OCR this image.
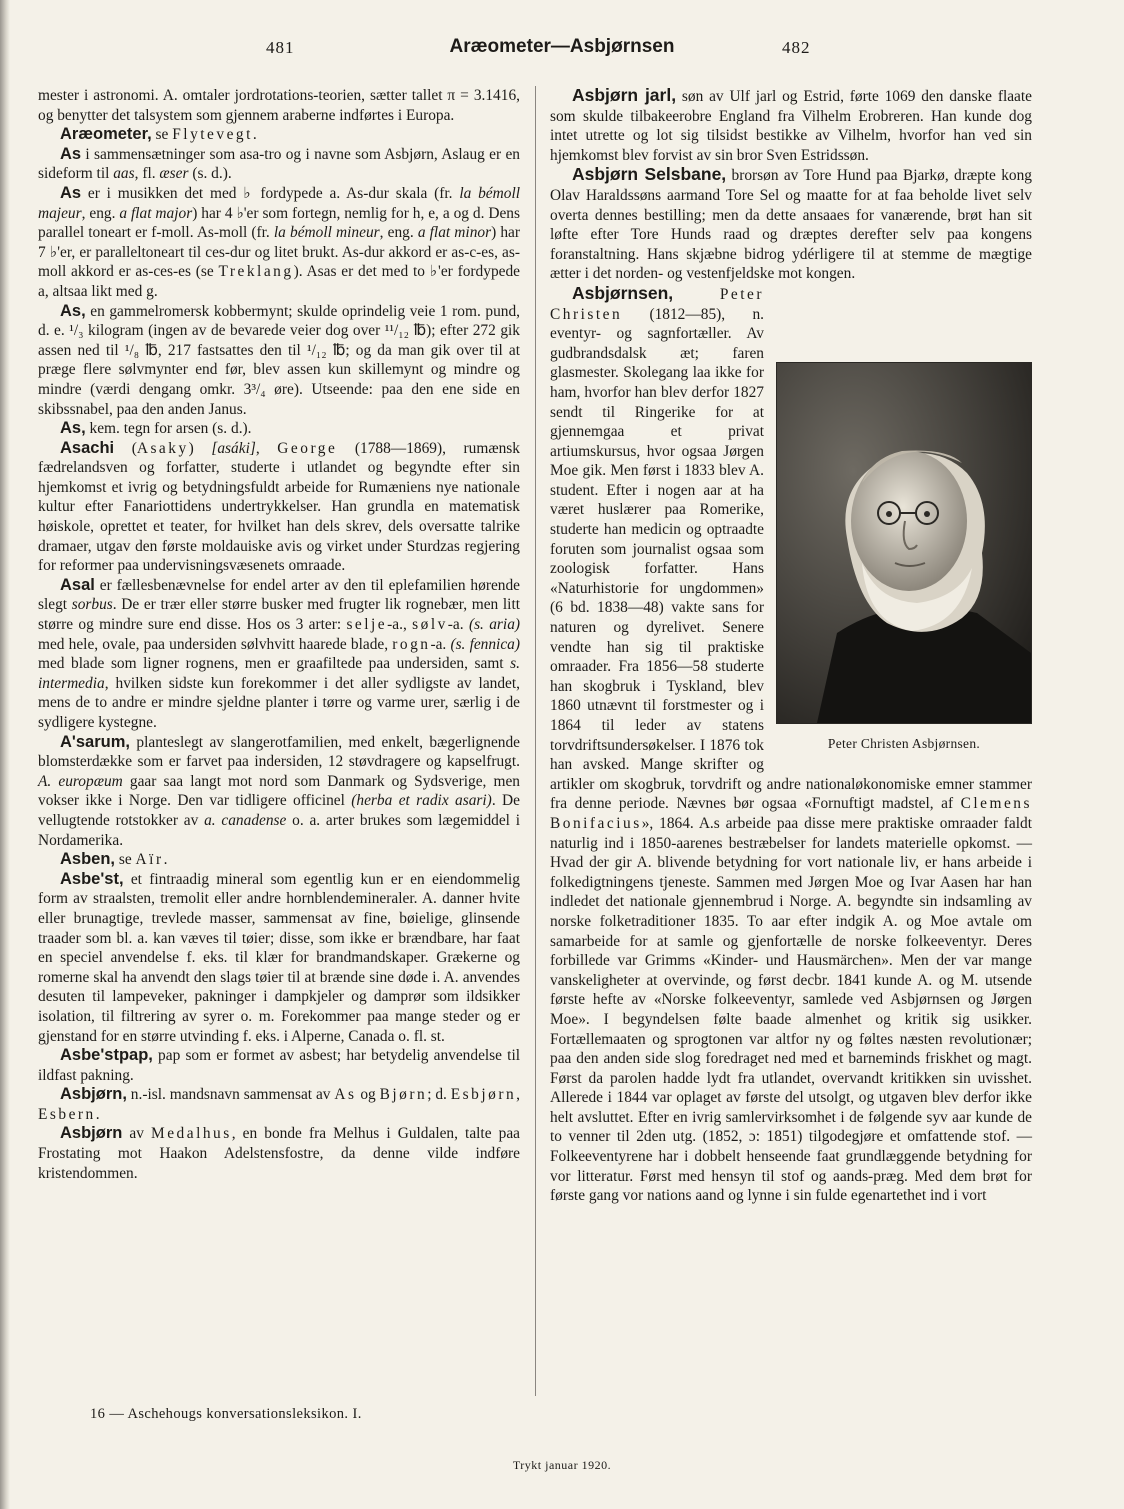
481	Aræometer—Asbjørnsen	482

mester i astronomi. A. omtaler jordrotations-teorien, sætter tallet π = 3.1416, og benytter det talsystem som gjennem araberne indførtes i Europa.

Aræometer, se Flytevegt.

As i sammensætninger som asa-tro og i navne som Asbjørn, Aslaug er en sideform til aas, fl. æser (s. d.).

As er i musikken det med ♭ fordypede a. As-dur skala (fr. la bémoll majeur, eng. a flat major) har 4 ♭'er som fortegn, nemlig for h, e, a og d. Dens parallel toneart er f-moll. As-moll (fr. la bémoll mineur, eng. a flat minor) har 7 ♭'er, er paralleltoneart til ces-dur og litet brukt. As-dur akkord er as-c-es, as-moll akkord er as-ces-es (se Treklang). Asas er det med to ♭'er fordypede a, altsaa likt med g.

As, en gammelromersk kobbermynt; skulde oprindelig veie 1 rom. pund, d. e. ¹/₃ kilogram (ingen av de bevarede veier dog over ¹¹/₁₂ ℔); efter 272 gik assen ned til ¹/₈ ℔, 217 fastsattes den til ¹/₁₂ ℔; og da man gik over til at præge flere sølvmynter end før, blev assen kun skillemynt og mindre og mindre (værdi dengang omkr. 3³/₄ øre). Utseende: paa den ene side en skibssnabel, paa den anden Janus.

As, kem. tegn for arsen (s. d.).

Asachi (Asaky) [asáki], George (1788—1869), rumænsk fædrelandsven og forfatter, studerte i utlandet og begyndte efter sin hjemkomst et ivrig og betydningsfuldt arbeide for Rumæniens nye nationale kultur efter Fanariottidens undertrykkelser. Han grundla en matematisk høiskole, oprettet et teater, for hvilket han dels skrev, dels oversatte talrike dramaer, utgav den første moldauiske avis og virket under Sturdzas regjering for reformer paa undervisningsvæsenets omraade.

Asal er fællesbenævnelse for endel arter av den til eplefamilien hørende slegt sorbus. De er trær eller større busker med frugter lik rognebær, men litt større og mindre sure end disse. Hos os 3 arter: selje-a., sølv-a. (s. aria) med hele, ovale, paa undersiden sølvhvitt haarede blade, rogn-a. (s. fennica) med blade som ligner rognens, men er graafiltede paa undersiden, samt s. intermedia, hvilken sidste kun forekommer i det aller sydligste av landet, mens de to andre er mindre sjeldne planter i tørre og varme urer, særlig i de sydligere kystegne.

A'sarum, planteslegt av slangerotfamilien, med enkelt, bægerlignende blomsterdække som er farvet paa indersiden, 12 støvdragere og kapselfrugt. A. europæum gaar saa langt mot nord som Danmark og Sydsverige, men vokser ikke i Norge. Den var tidligere officinel (herba et radix asari). De vellugtende rotstokker av a. canadense o. a. arter brukes som lægemiddel i Nordamerika.

Asben, se Aïr.

Asbe'st, et fintraadig mineral som egentlig kun er en eiendommelig form av straalsten, tremolit eller andre hornblendemineraler. A. danner hvite eller brunagtige, trevlede masser, sammensat av fine, bøielige, glinsende traader som bl. a. kan væves til tøier; disse, som ikke er brændbare, har faat en speciel anvendelse f. eks. til klær for brandmandskaper. Grækerne og romerne skal ha anvendt den slags tøier til at brænde sine døde i. A. anvendes desuten til lampeveker, pakninger i dampkjeler og damprør som ildsikker isolation, til filtrering av syrer o. m. Forekommer paa mange steder og er gjenstand for en større utvinding f. eks. i Alperne, Canada o. fl. st.

Asbe'stpap, pap som er formet av asbest; har betydelig anvendelse til ildfast pakning.

Asbjørn, n.-isl. mandsnavn sammensat av As og Bjørn; d. Esbjørn, Esbern.

Asbjørn av Medalhus, en bonde fra Melhus i Guldalen, talte paa Frostating mot Haakon Adelstensfostre, da denne vilde indføre kristendommen.

Asbjørn jarl, søn av Ulf jarl og Estrid, førte 1069 den danske flaate som skulde tilbakeerobre England fra Vilhelm Erobreren. Han kunde dog intet utrette og lot sig tilsidst bestikke av Vilhelm, hvorfor han ved sin hjemkomst blev forvist av sin bror Sven Estridssøn.

Asbjørn Selsbane, brorsøn av Tore Hund paa Bjarkø, dræpte kong Olav Haraldssøns aarmand Tore Sel og maatte for at faa beholde livet selv overta dennes bestilling; men da dette ansaaes for vanærende, brøt han sit løfte efter Tore Hunds raad og dræptes derefter selv paa kongens foranstaltning. Hans skjæbne bidrog ydérligere til at stemme de mægtige ætter i det norden- og vestenfjeldske mot kongen.

Peter Christen Asbjørnsen.

Asbjørnsen,	Peter Christen (1812—85), n. eventyr- og sagnfortæller. Av gudbrandsdalsk æt; faren glasmester. Skolegang laa ikke for ham, hvorfor han blev derfor 1827 sendt til Ringerike for at gjennemgaa et privat artiumskursus, hvor ogsaa Jørgen Moe gik. Men først i 1833 blev A. student. Efter i nogen aar at ha været huslærer paa Romerike, studerte han medicin og optraadte foruten som journalist ogsaa som zoologisk forfatter. Hans «Naturhistorie for ungdommen» (6 bd. 1838—48) vakte sans for naturen og dyrelivet. Senere vendte han sig til praktiske omraader. Fra 1856—58 studerte han skogbruk i Tyskland, blev 1860 utnævnt til forstmester og i 1864 til leder av statens torvdriftsundersøkelser. I 1876 tok han avsked. Mange skrifter og artikler om skogbruk, torvdrift og andre nationaløkonomiske emner stammer fra denne periode. Nævnes bør ogsaa «Fornuftigt madstel, af Clemens Bonifacius», 1864. A.s arbeide paa disse mere praktiske omraader faldt naturlig ind i 1850-aarenes bestræbelser for landets materielle opkomst. — Hvad der gir A. blivende betydning for vort nationale liv, er hans arbeide i folkedigtningens tjeneste. Sammen med Jørgen Moe og Ivar Aasen har han indledet det nationale gjennembrud i Norge. A. begyndte sin indsamling av norske folketraditioner 1835. To aar efter indgik A. og Moe avtale om samarbeide for at samle og gjenfortælle de norske folkeeventyr. Deres forbillede var Grimms «Kinder- und Hausmärchen». Men der var mange vanskeligheter at overvinde, og først decbr. 1841 kunde A. og M. utsende første hefte av «Norske folkeeventyr, samlede ved Asbjørnsen og Jørgen Moe». I begyndelsen følte baade almenhet og kritik sig usikker. Fortællemaaten og sprogtonen var altfor ny og føltes næsten revolutionær; paa den anden side slog foredraget ned med et barneminds friskhet og magt. Først da parolen hadde lydt fra utlandet, overvandt kritikken sin uvisshet. Allerede i 1844 var oplaget av første del utsolgt, og utgaven blev derfor ikke helt avsluttet. Efter en ivrig samlervirksomhet i de følgende syv aar kunde de to venner til 2den utg. (1852, ɔ: 1851) tilgodegjøre et omfattende stof. — Folkeeventyrene har i dobbelt henseende faat grundlæggende betydning for vor litteratur. Først med hensyn til stof og aands-præg. Med dem brøt for første gang vor nations aand og lynne i sin fulde egenartethet ind i vort

16 — Aschehougs konversationsleksikon. I.
Trykt januar 1920.
